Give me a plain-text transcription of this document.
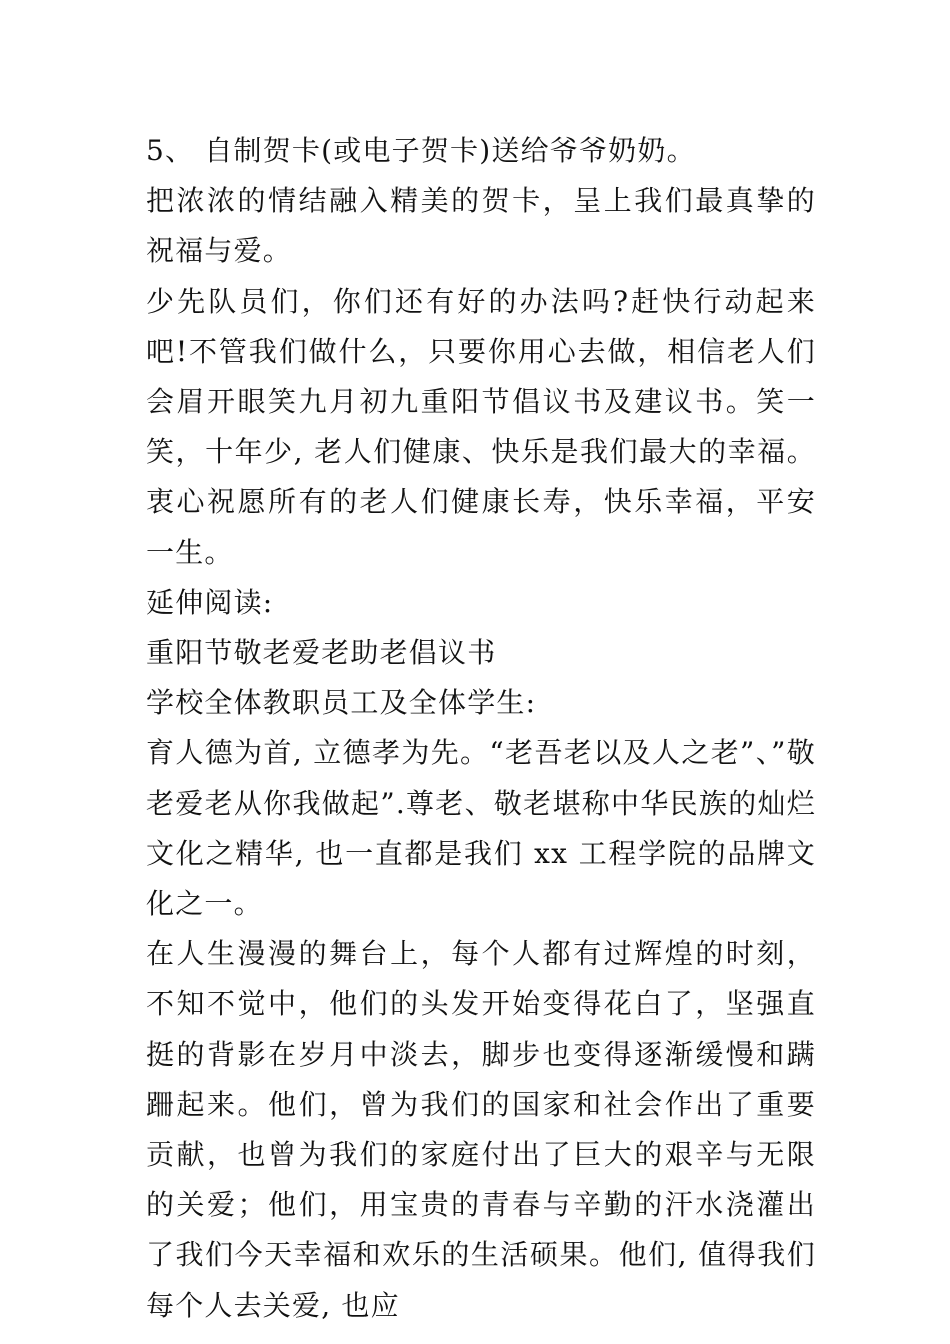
5、 自制贺卡(或电子贺卡)送给爷爷奶奶。

把浓浓的情结融入精美的贺卡，呈上我们最真挚的祝福与爱。

少先队员们，你们还有好的办法吗?赶快行动起来吧!不管我们做什么，只要你用心去做，相信老人们会眉开眼笑九月初九重阳节倡议书及建议书。笑一笑，十年少, 老人们健康、快乐是我们最大的幸福。衷心祝愿所有的老人们健康长寿，快乐幸福，平安一生。

延伸阅读:

重阳节敬老爱老助老倡议书

学校全体教职员工及全体学生:

育人德为首, 立德孝为先。“老吾老以及人之老”、”敬老爱老从你我做起”.尊老、敬老堪称中华民族的灿烂文化之精华, 也一直都是我们 xx 工程学院的品牌文化之一。

在人生漫漫的舞台上，每个人都有过辉煌的时刻，不知不觉中，他们的头发开始变得花白了，坚强直挺的背影在岁月中淡去，脚步也变得逐渐缓慢和蹒跚起来。他们，曾为我们的国家和社会作出了重要贡献，也曾为我们的家庭付出了巨大的艰辛与无限的关爱；他们，用宝贵的青春与辛勤的汗水浇灌出了我们今天幸福和欢乐的生活硕果。他们, 值得我们每个人去关爱, 也应
